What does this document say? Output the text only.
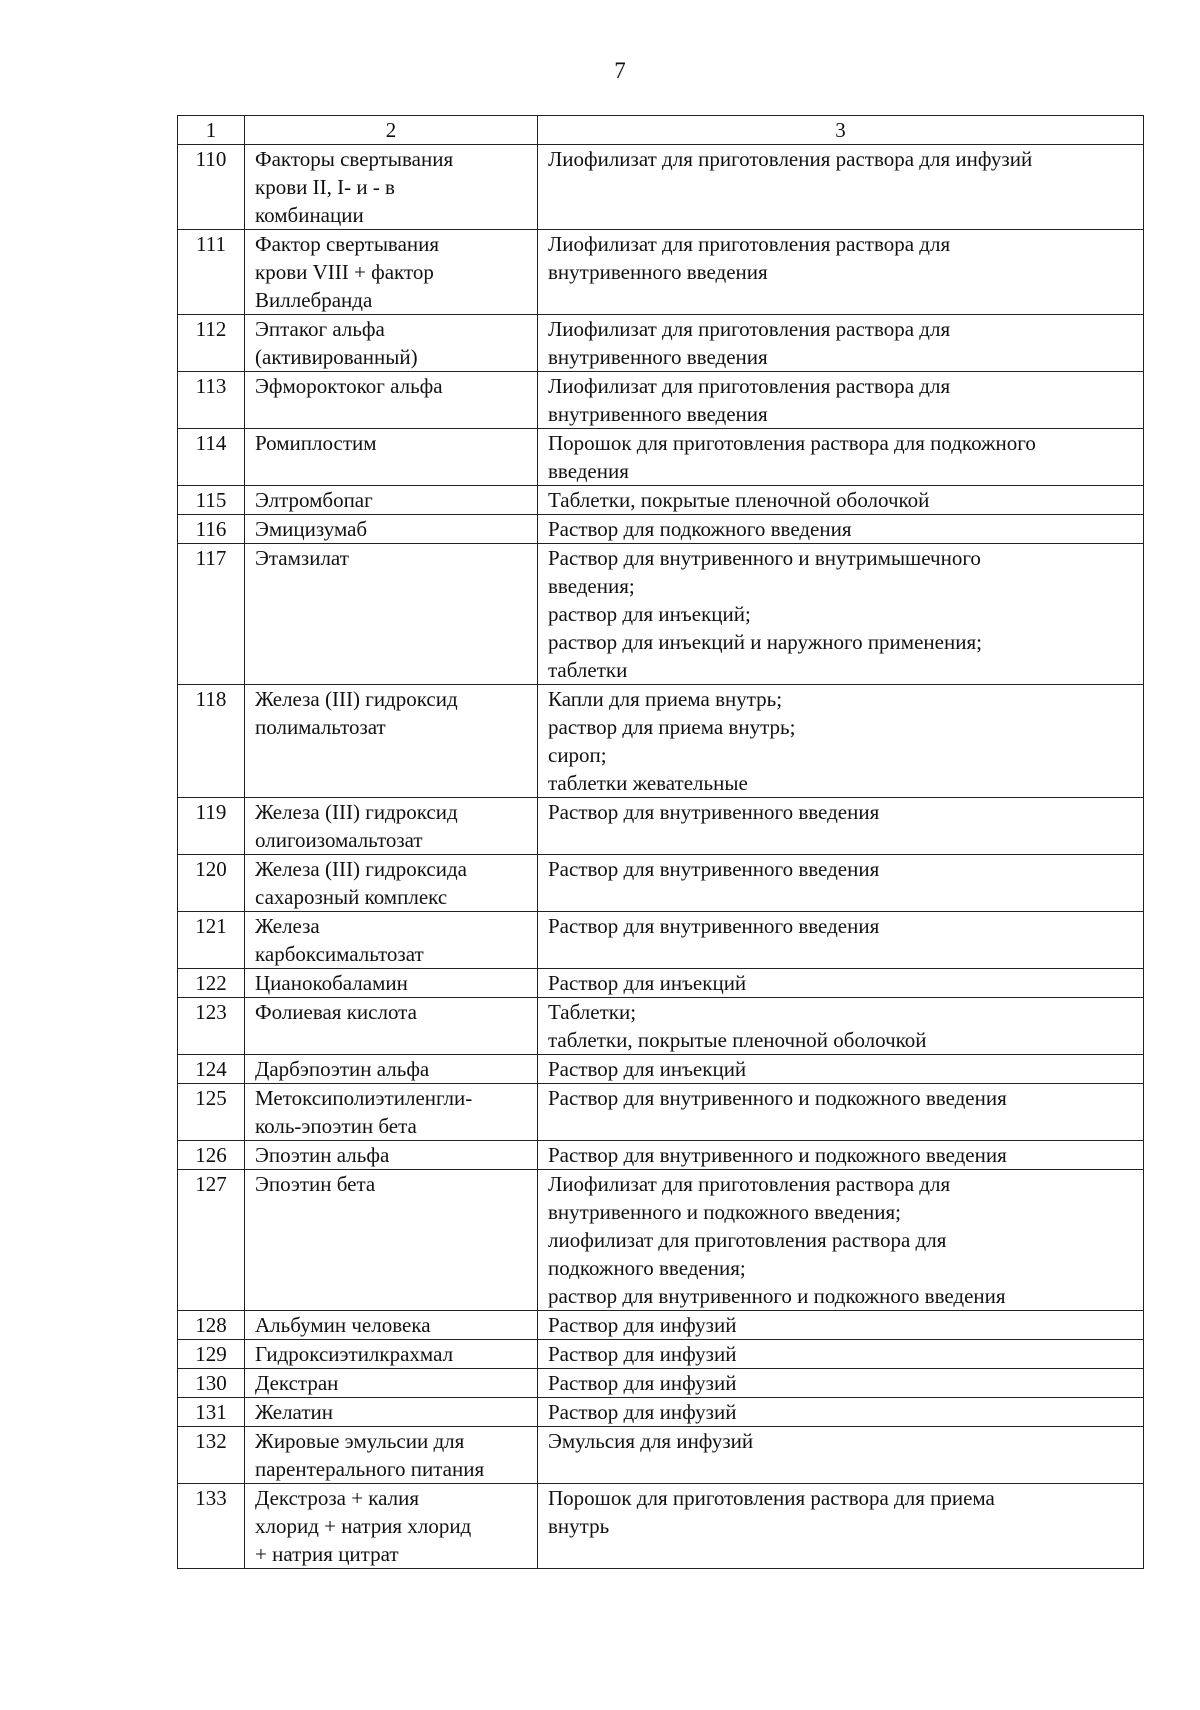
7
1	2	3
110	Факторы свертывания
крови II, I- и - в
комбинации	Лиофилизат для приготовления раствора для инфузий
111	Фактор свертывания
крови VIII + фактор
Виллебранда	Лиофилизат для приготовления раствора для
внутривенного введения
112	Эптаког альфа
(активированный)	Лиофилизат для приготовления раствора для
внутривенного введения
113	Эфмороктоког альфа	Лиофилизат для приготовления раствора для
внутривенного введения
114	Ромиплостим	Порошок для приготовления раствора для подкожного
введения
115	Элтромбопаг	Таблетки, покрытые пленочной оболочкой
116	Эмицизумаб	Раствор для подкожного введения
117	Этамзилат	Раствор для внутривенного и внутримышечного
введения;
раствор для инъекций;
раствор для инъекций и наружного применения;
таблетки
118	Железа (III) гидроксид
полимальтозат	Капли для приема внутрь;
раствор для приема внутрь;
сироп;
таблетки жевательные
119	Железа (III) гидроксид
олигоизомальтозат	Раствор для внутривенного введения
120	Железа (III) гидроксида
сахарозный комплекс	Раствор для внутривенного введения
121	Железа
карбоксимальтозат	Раствор для внутривенного введения
122	Цианокобаламин	Раствор для инъекций
123	Фолиевая кислота	Таблетки;
таблетки, покрытые пленочной оболочкой
124	Дарбэпоэтин альфа	Раствор для инъекций
125	Метоксиполиэтиленгли-
коль-эпоэтин бета	Раствор для внутривенного и подкожного введения
126	Эпоэтин альфа	Раствор для внутривенного и подкожного введения
127	Эпоэтин бета	Лиофилизат для приготовления раствора для
внутривенного и подкожного введения;
лиофилизат для приготовления раствора для
подкожного введения;
раствор для внутривенного и подкожного введения
128	Альбумин человека	Раствор для инфузий
129	Гидроксиэтилкрахмал	Раствор для инфузий
130	Декстран	Раствор для инфузий
131	Желатин	Раствор для инфузий
132	Жировые эмульсии для
парентерального питания	Эмульсия для инфузий
133	Декстроза + калия
хлорид + натрия хлорид
+ натрия цитрат	Порошок для приготовления раствора для приема
внутрь
